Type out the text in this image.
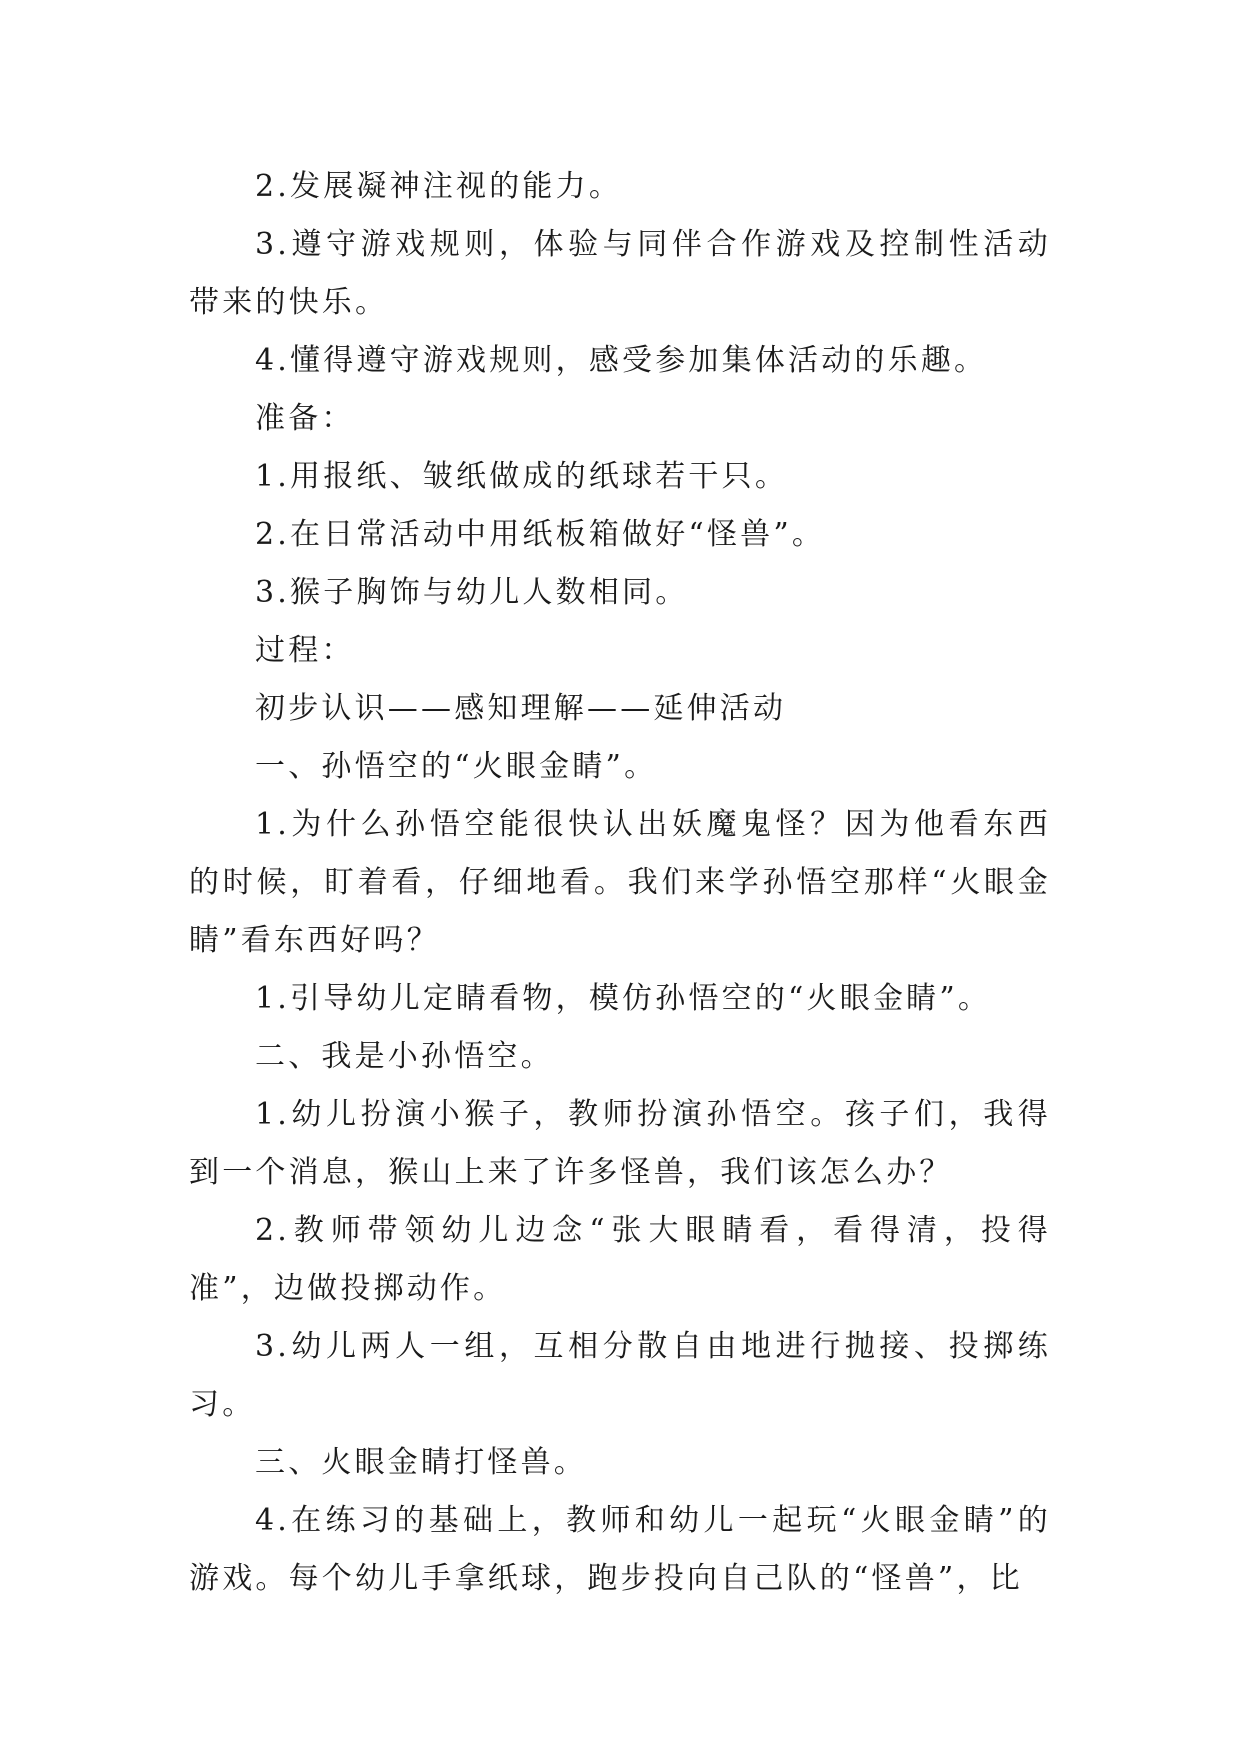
2.发展凝神注视的能力。

3.遵守游戏规则，体验与同伴合作游戏及控制性活动带来的快乐。

4.懂得遵守游戏规则，感受参加集体活动的乐趣。

准备：

1.用报纸、皱纸做成的纸球若干只。

2.在日常活动中用纸板箱做好“怪兽”。

3.猴子胸饰与幼儿人数相同。

过程：

初步认识——感知理解——延伸活动

一、孙悟空的“火眼金睛”。

1.为什么孙悟空能很快认出妖魔鬼怪？因为他看东西的时候，盯着看，仔细地看。我们来学孙悟空那样“火眼金睛”看东西好吗？

1.引导幼儿定睛看物，模仿孙悟空的“火眼金睛”。

二、我是小孙悟空。

1.幼儿扮演小猴子，教师扮演孙悟空。孩子们，我得到一个消息，猴山上来了许多怪兽，我们该怎么办？

2.教师带领幼儿边念“张大眼睛看，看得清，投得准”，边做投掷动作。

3.幼儿两人一组，互相分散自由地进行抛接、投掷练习。

三、火眼金睛打怪兽。

4.在练习的基础上，教师和幼儿一起玩“火眼金睛”的游戏。每个幼儿手拿纸球，跑步投向自己队的“怪兽”，比
